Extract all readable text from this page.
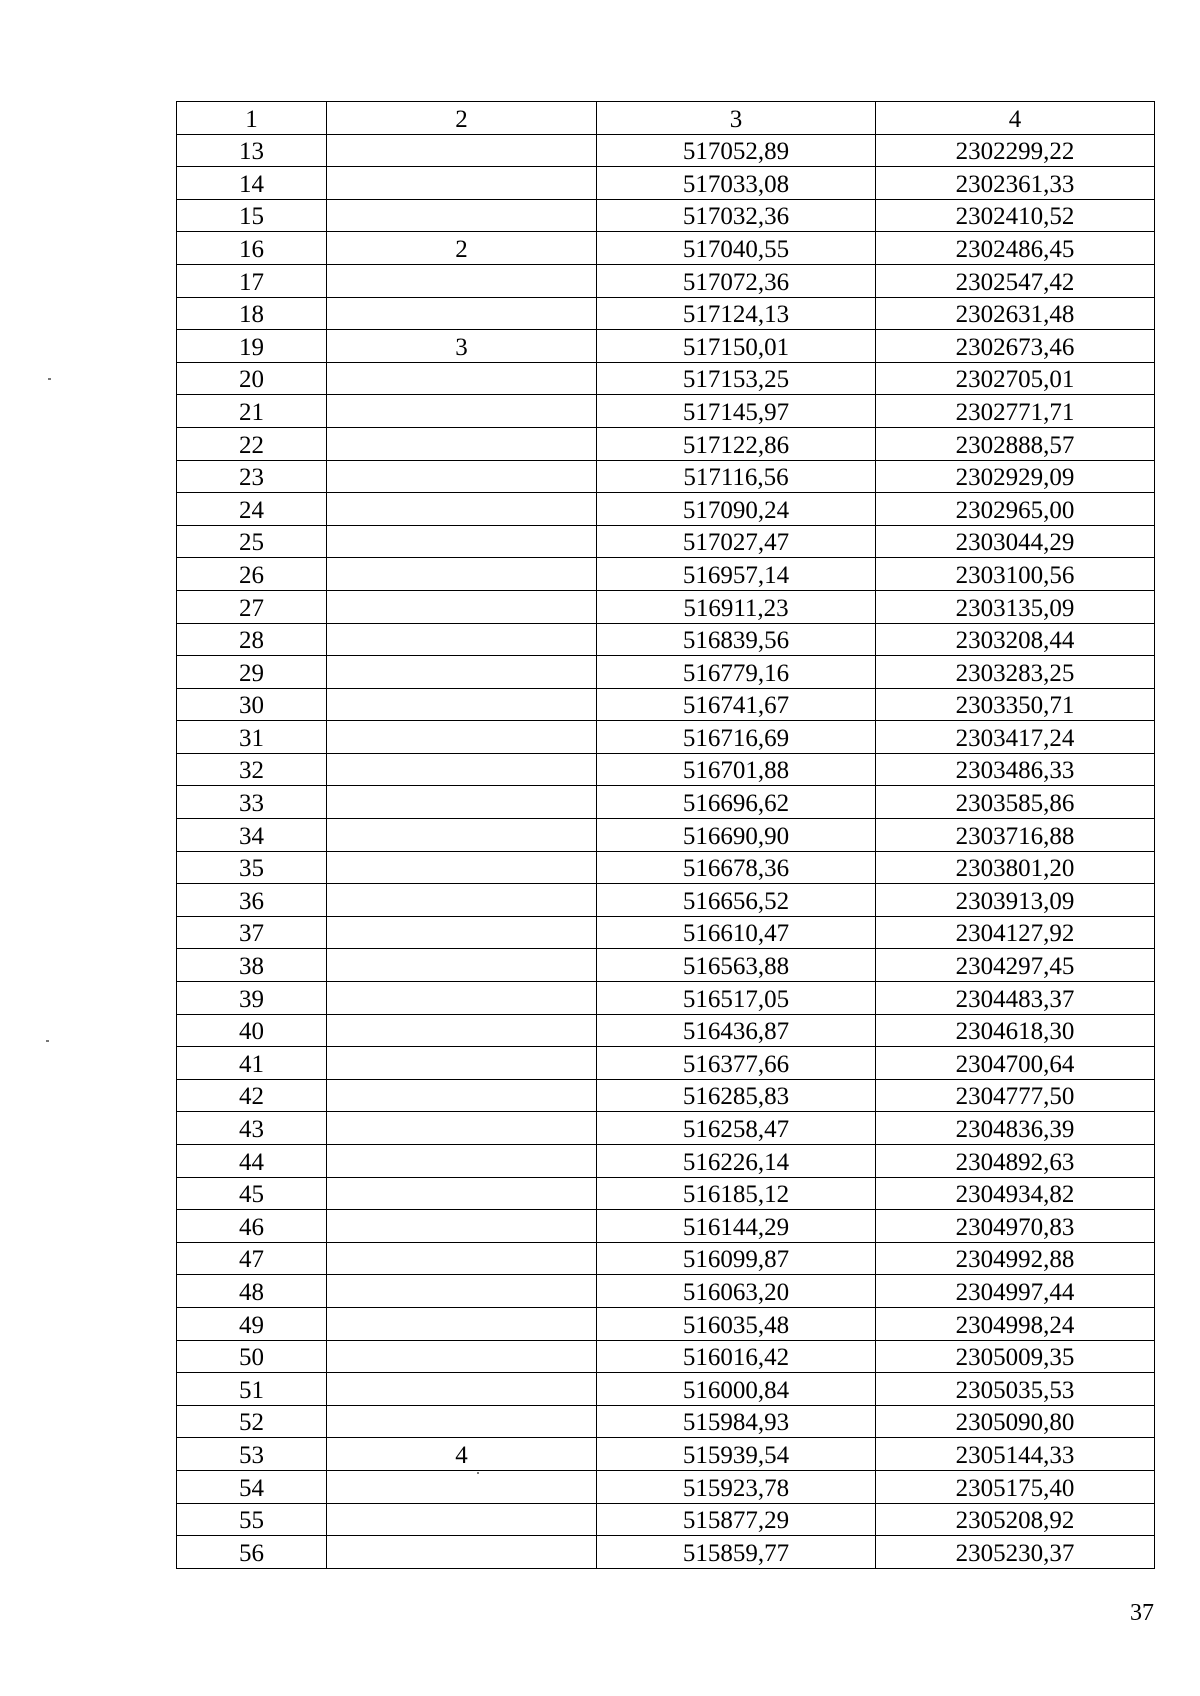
1	2	3	4
13		517052,89	2302299,22
14		517033,08	2302361,33
15		517032,36	2302410,52
16	2	517040,55	2302486,45
17		517072,36	2302547,42
18		517124,13	2302631,48
19	3	517150,01	2302673,46
20		517153,25	2302705,01
21		517145,97	2302771,71
22		517122,86	2302888,57
23		517116,56	2302929,09
24		517090,24	2302965,00
25		517027,47	2303044,29
26		516957,14	2303100,56
27		516911,23	2303135,09
28		516839,56	2303208,44
29		516779,16	2303283,25
30		516741,67	2303350,71
31		516716,69	2303417,24
32		516701,88	2303486,33
33		516696,62	2303585,86
34		516690,90	2303716,88
35		516678,36	2303801,20
36		516656,52	2303913,09
37		516610,47	2304127,92
38		516563,88	2304297,45
39		516517,05	2304483,37
40		516436,87	2304618,30
41		516377,66	2304700,64
42		516285,83	2304777,50
43		516258,47	2304836,39
44		516226,14	2304892,63
45		516185,12	2304934,82
46		516144,29	2304970,83
47		516099,87	2304992,88
48		516063,20	2304997,44
49		516035,48	2304998,24
50		516016,42	2305009,35
51		516000,84	2305035,53
52		515984,93	2305090,80
53	4	515939,54	2305144,33
54		515923,78	2305175,40
55		515877,29	2305208,92
56		515859,77	2305230,37
37
